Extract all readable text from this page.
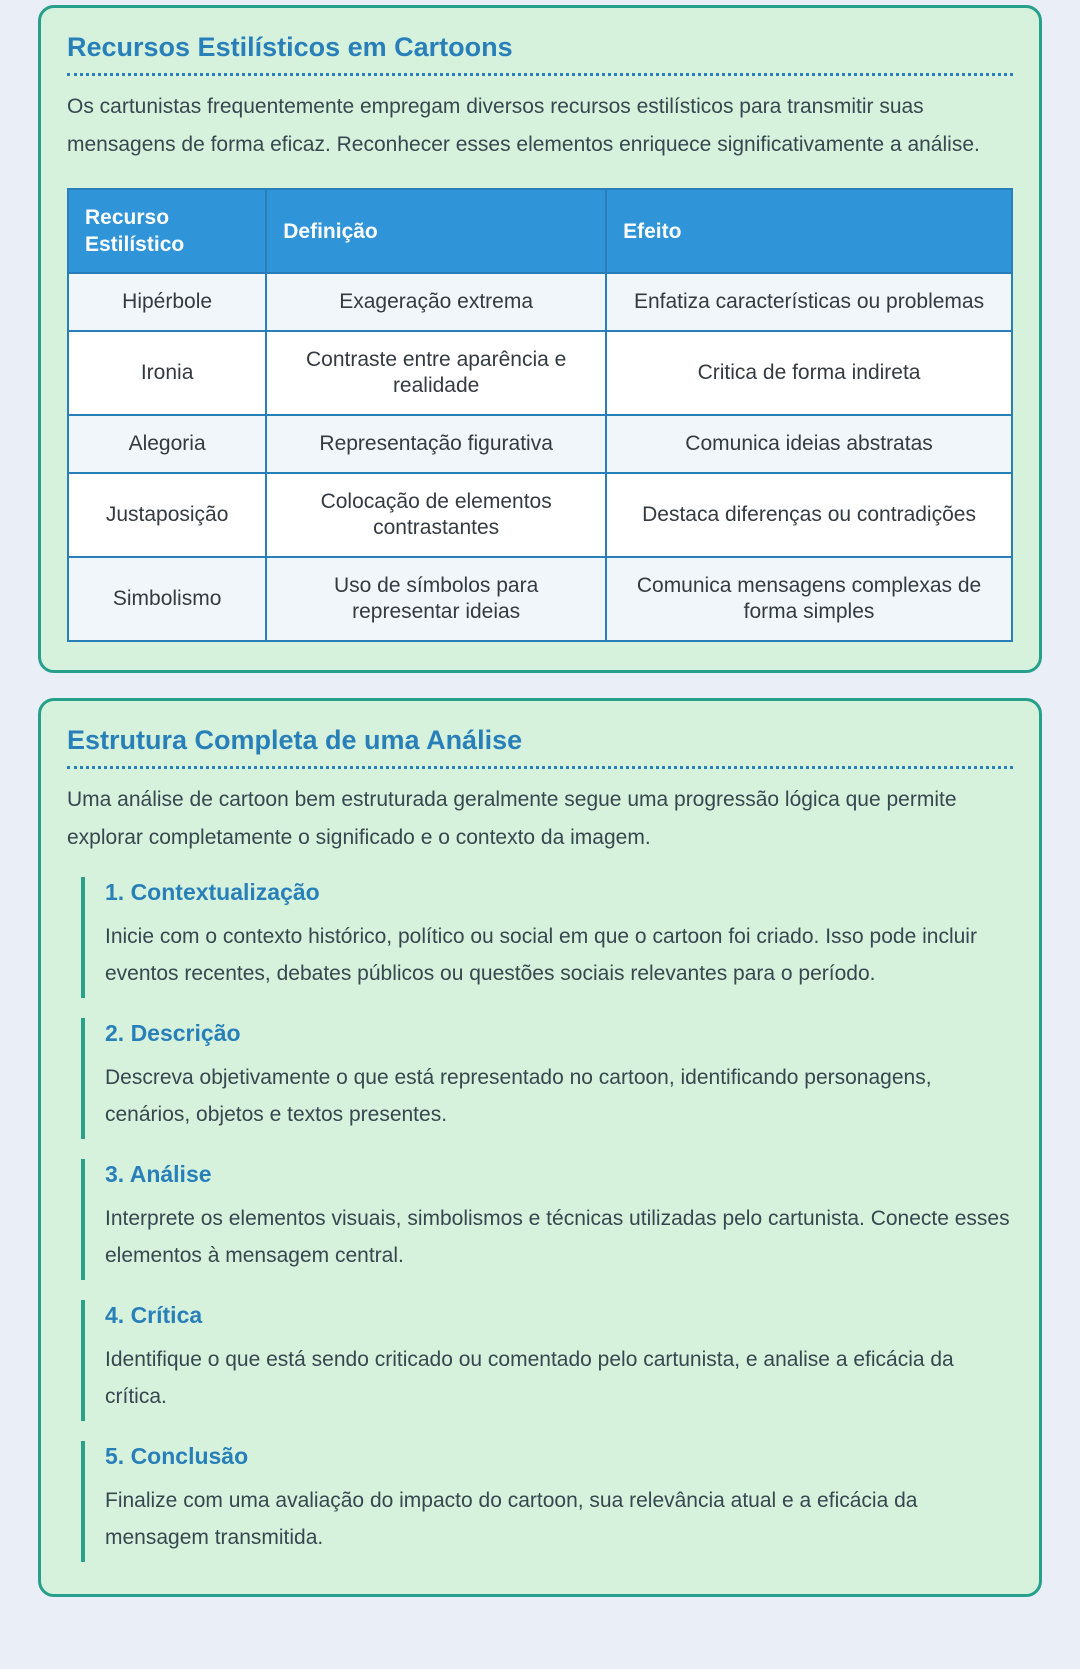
Recursos Estilísticos em Cartoons

Os cartunistas frequentemente empregam diversos recursos estilísticos para transmitir suas mensagens de forma eficaz. Reconhecer esses elementos enriquece significativamente a análise.

Recurso Estilístico	Definição	Efeito
Hipérbole	Exageração extrema	Enfatiza características ou problemas
Ironia	Contraste entre aparência e realidade	Critica de forma indireta
Alegoria	Representação figurativa	Comunica ideias abstratas
Justaposição	Colocação de elementos contrastantes	Destaca diferenças ou contradições
Simbolismo	Uso de símbolos para representar ideias	Comunica mensagens complexas de forma simples
Estrutura Completa de uma Análise

Uma análise de cartoon bem estruturada geralmente segue uma progressão lógica que permite explorar completamente o significado e o contexto da imagem.

1. Contextualização

Inicie com o contexto histórico, político ou social em que o cartoon foi criado. Isso pode incluir eventos recentes, debates públicos ou questões sociais relevantes para o período.

2. Descrição

Descreva objetivamente o que está representado no cartoon, identificando personagens, cenários, objetos e textos presentes.

3. Análise

Interprete os elementos visuais, simbolismos e técnicas utilizadas pelo cartunista. Conecte esses elementos à mensagem central.

4. Crítica

Identifique o que está sendo criticado ou comentado pelo cartunista, e analise a eficácia da crítica.

5. Conclusão

Finalize com uma avaliação do impacto do cartoon, sua relevância atual e a eficácia da mensagem transmitida.
